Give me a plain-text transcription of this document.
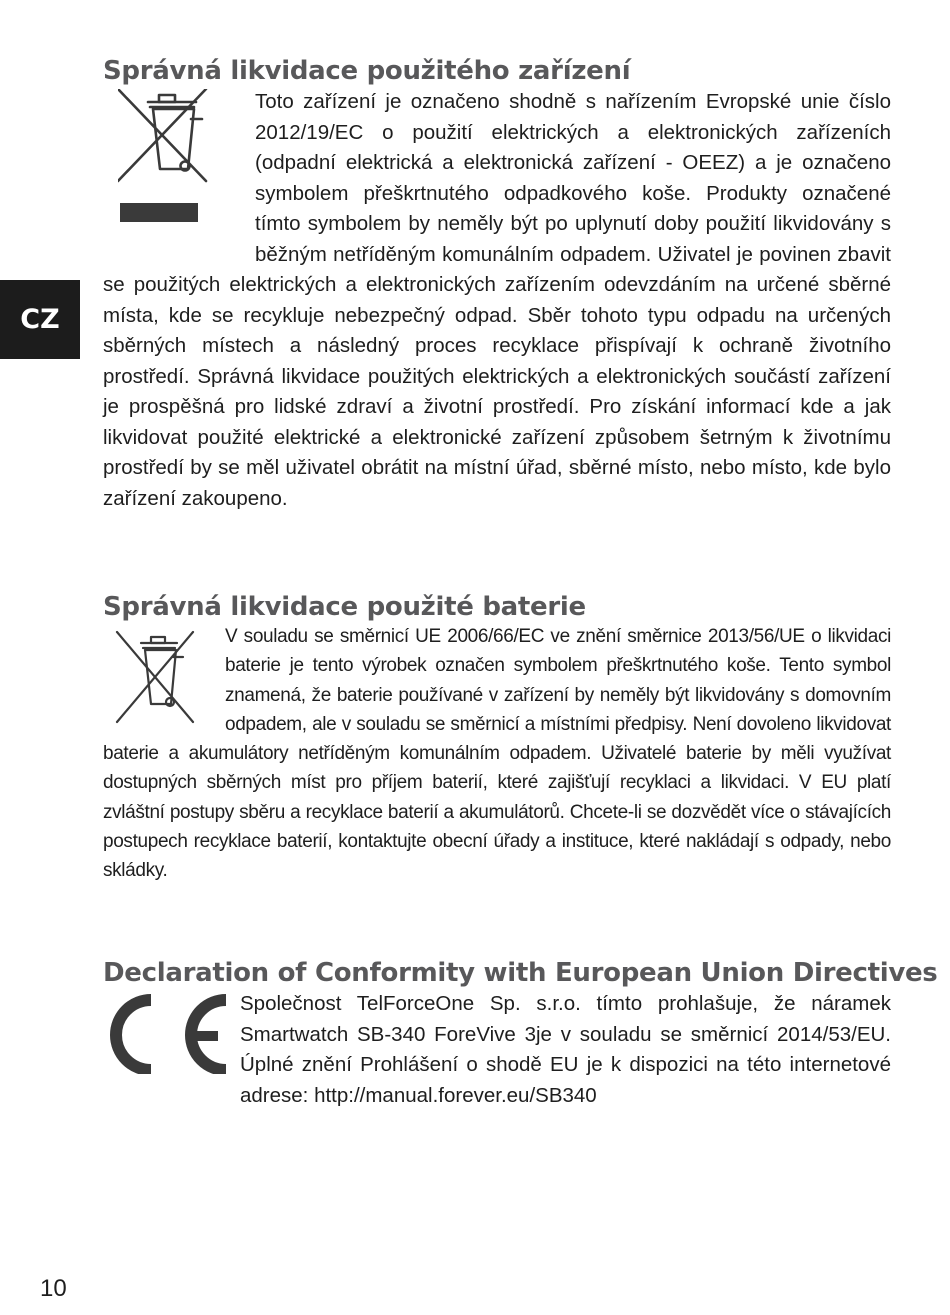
CZ
Správná likvidace použitého zařízení
Toto zařízení je označeno shodně s nařízením Evropské unie číslo 2012/19/EC o použití elektrických a elektronických zařízeních (odpadní elektrická a elektronická zařízení - OEEZ) a je označeno symbolem přeškrtnutého odpadkového koše. Produkty označené tímto symbolem by neměly být po uplynutí doby použití likvidovány s běžným netříděným komunálním odpadem. Uživatel je povinen zbavit se použitých elektrických a elektronických zařízením odevzdáním na určené sběrné místa, kde se recykluje nebezpečný odpad. Sběr tohoto typu odpadu na určených sběrných místech a následný proces recyklace přispívají k ochraně životního prostředí. Správná likvidace použitých elektrických a elektronických součástí zařízení je prospěšná pro lidské zdraví a životní prostředí. Pro získání informací kde a jak likvidovat použité elektrické a elektronické zařízení způsobem šetrným k životnímu prostředí by se měl uživatel obrátit na místní úřad, sběrné místo, nebo místo, kde bylo zařízení zakoupeno.
Správná likvidace použité baterie
V souladu se směrnicí UE 2006/66/EC ve znění směrnice 2013/56/UE o likvidaci baterie je tento výrobek označen symbolem přeškrtnutého koše. Tento symbol znamená, že baterie používané v zařízení by neměly být likvidovány s domovním odpadem, ale v souladu se směrnicí a místními předpisy. Není dovoleno likvidovat baterie a akumulátory netříděným komunálním odpadem. Uživatelé baterie by měli využívat dostupných sběrných míst pro příjem baterií, které zajišťují recyklaci a likvidaci. V EU platí zvláštní postupy sběru a recyklace baterií a akumulátorů. Chcete-li se dozvědět více o stávajících postupech recyklace baterií, kontaktujte obecní úřady a instituce, které nakládají s odpady, nebo skládky.
Declaration of Conformity with European Union Directives
Společnost TelForceOne Sp. s.r.o. tímto prohlašuje, že náramek Smartwatch SB-340 ForeVive 3je v souladu se směrnicí 2014/53/EU. Úplné znění Prohlášení o shodě EU je k dispozici na této internetové adrese: http://manual.forever.eu/SB340
10
